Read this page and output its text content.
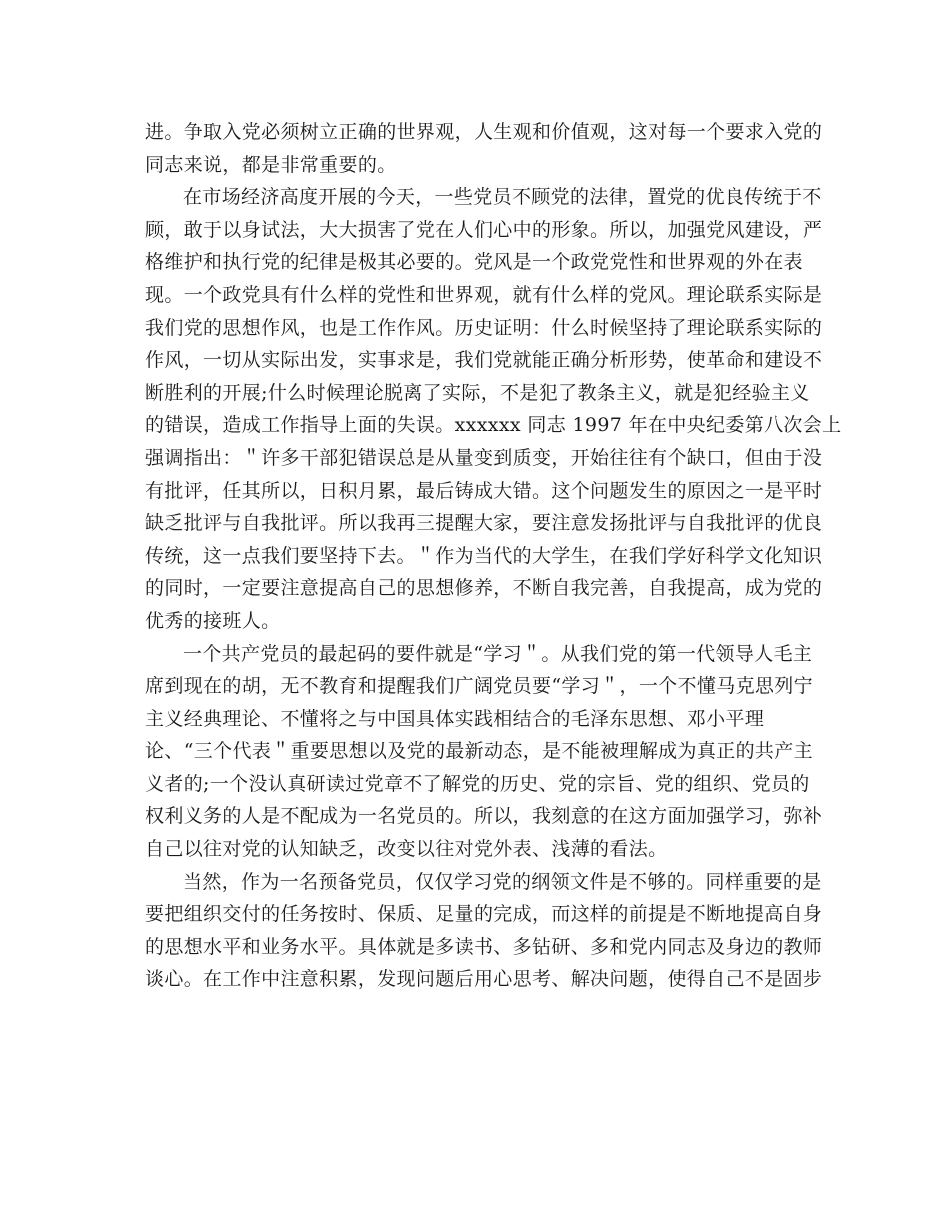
进。争取入党必须树立正确的世界观，人生观和价值观，这对每一个要求入党的
同志来说，都是非常重要的。
在市场经济高度开展的今天，一些党员不顾党的法律，置党的优良传统于不
顾，敢于以身试法，大大损害了党在人们心中的形象。所以，加强党风建设，严
格维护和执行党的纪律是极其必要的。党风是一个政党党性和世界观的外在表
现。一个政党具有什么样的党性和世界观，就有什么样的党风。理论联系实际是
我们党的思想作风，也是工作作风。历史证明：什么时候坚持了理论联系实际的
作风，一切从实际出发，实事求是，我们党就能正确分析形势，使革命和建设不
断胜利的开展;什么时候理论脱离了实际，不是犯了教条主义，就是犯经验主义
的错误，造成工作指导上面的失误。xxxxxx 同志 1997 年在中央纪委第八次会上
强调指出：＂许多干部犯错误总是从量变到质变，开始往往有个缺口，但由于没
有批评，任其所以，日积月累，最后铸成大错。这个问题发生的原因之一是平时
缺乏批评与自我批评。所以我再三提醒大家，要注意发扬批评与自我批评的优良
传统，这一点我们要坚持下去。＂作为当代的大学生，在我们学好科学文化知识
的同时，一定要注意提高自己的思想修养，不断自我完善，自我提高，成为党的
优秀的接班人。
一个共产党员的最起码的要件就是“学习＂。从我们党的第一代领导人毛主
席到现在的胡，无不教育和提醒我们广阔党员要“学习＂，一个不懂马克思列宁
主义经典理论、不懂将之与中国具体实践相结合的毛泽东思想、邓小平理
论、“三个代表＂重要思想以及党的最新动态，是不能被理解成为真正的共产主
义者的;一个没认真研读过党章不了解党的历史、党的宗旨、党的组织、党员的
权利义务的人是不配成为一名党员的。所以，我刻意的在这方面加强学习，弥补
自己以往对党的认知缺乏，改变以往对党外表、浅薄的看法。
当然，作为一名预备党员，仅仅学习党的纲领文件是不够的。同样重要的是
要把组织交付的任务按时、保质、足量的完成，而这样的前提是不断地提高自身
的思想水平和业务水平。具体就是多读书、多钻研、多和党内同志及身边的教师
谈心。在工作中注意积累，发现问题后用心思考、解决问题，使得自己不是固步
